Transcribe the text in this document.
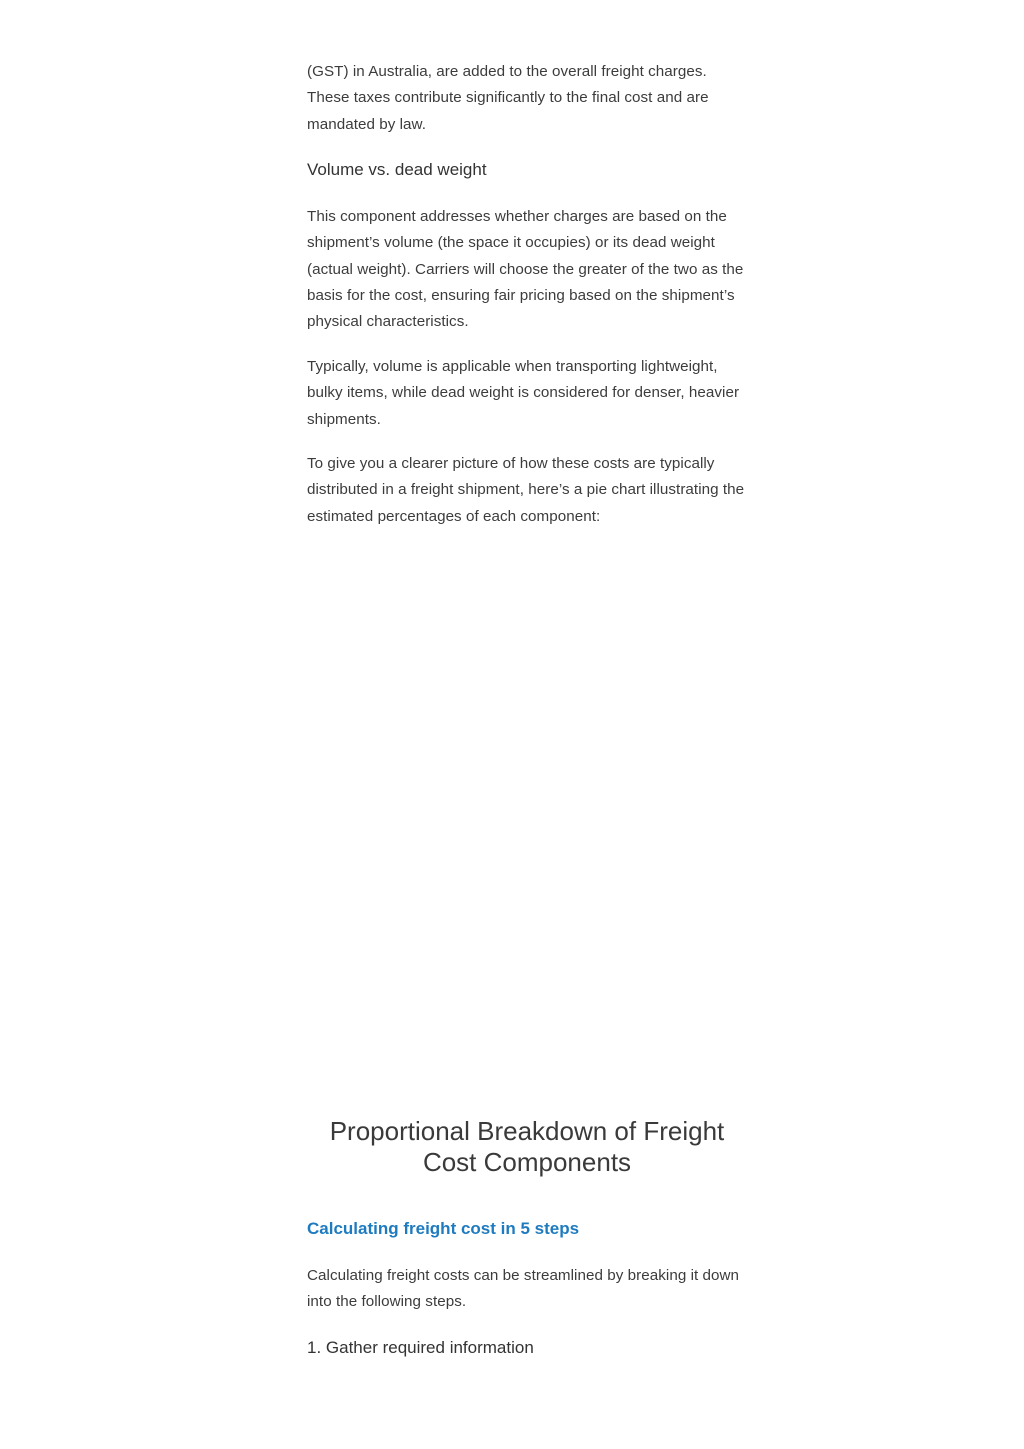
(GST) in Australia, are added to the overall freight charges. These taxes contribute significantly to the final cost and are mandated by law.

Volume vs. dead weight

This component addresses whether charges are based on the shipment’s volume (the space it occupies) or its dead weight (actual weight). Carriers will choose the greater of the two as the basis for the cost, ensuring fair pricing based on the shipment’s physical characteristics.

Typically, volume is applicable when transporting lightweight, bulky items, while dead weight is considered for denser, heavier shipments.

To give you a clearer picture of how these costs are typically distributed in a freight shipment, here’s a pie chart illustrating the estimated percentages of each component:

Proportional Breakdown of Freight Cost Components
Calculating freight cost in 5 steps

Calculating freight costs can be streamlined by breaking it down into the following steps.

1. Gather required information
